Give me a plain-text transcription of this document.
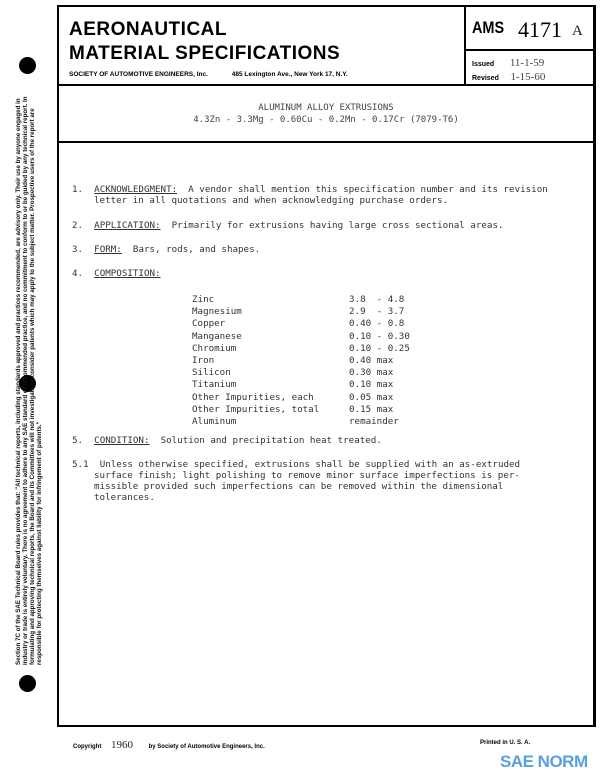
Section 7C of the SAE Technical Board rules provides that: "All technical reports, including standards approved and practices recommended, are advisory only. Their use by anyone engaged in industry or trade is entirely voluntary. There is no agreement to adhere to any SAE standard or recommended practice, and no commitment to conform to or be guided by any technical report. In formulating and approving technical reports, the Board and its Committees will not investigate or consider patents which may apply to the subject matter. Prospective users of the report are responsible for protecting themselves against liability for infringement of patents."
AERONAUTICAL
MATERIAL SPECIFICATIONS
SOCIETY OF AUTOMOTIVE ENGINEERS, Inc.	485 Lexington Ave., New York 17, N.Y.
AMS 4171 A
Issued 11-1-59
Revised 1-15-60
ALUMINUM ALLOY EXTRUSIONS
4.3Zn - 3.3Mg - 0.60Cu - 0.2Mn - 0.17Cr (7079-T6)
1. ACKNOWLEDGMENT: A vendor shall mention this specification number and its revision
letter in all quotations and when acknowledging purchase orders.
2. APPLICATION: Primarily for extrusions having large cross sectional areas.
3. FORM: Bars, rods, and shapes.
4. COMPOSITION:
Zinc	3.8  - 4.8
Magnesium	2.9  - 3.7
Copper	0.40 - 0.8
Manganese	0.10 - 0.30
Chromium	0.10 - 0.25
Iron	0.40 max
Silicon	0.30 max
Titanium	0.10 max
Other Impurities, each	0.05 max
Other Impurities, total	0.15 max
Aluminum	remainder
5. CONDITION: Solution and precipitation heat treated.
5.1 Unless otherwise specified, extrusions shall be supplied with an as-extruded
surface finish; light polishing to remove minor surface imperfections is per-
missible provided such imperfections can be removed within the dimensional
tolerances.
Copyright 1960	by Society of Automotive Engineers, Inc.
Printed in U. S. A.
SAE NORM
